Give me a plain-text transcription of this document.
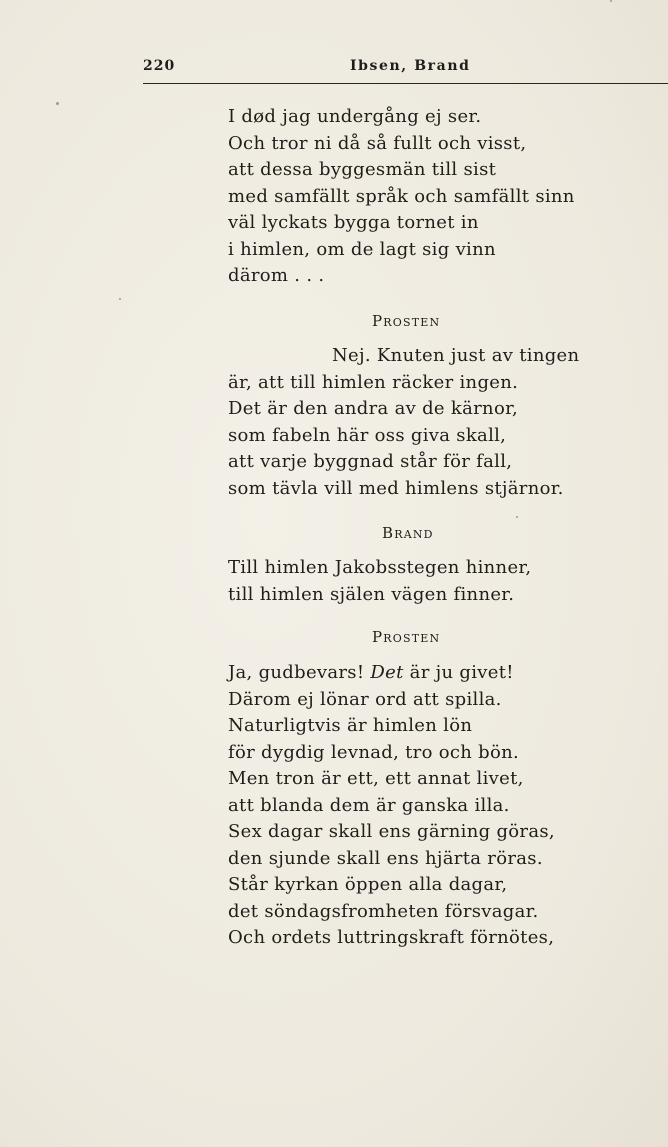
220	Ibsen, Brand
I død jag undergång ej ser.
Och tror ni då så fullt och visst,
att dessa byggesmän till sist
med samfällt språk och samfällt sinn
väl lyckats bygga tornet in
i himlen, om de lagt sig vinn
därom . . .
Prosten
Nej. Knuten just av tingen
är, att till himlen räcker ingen.
Det är den andra av de kärnor,
som fabeln här oss giva skall,
att varje byggnad står för fall,
som tävla vill med himlens stjärnor.
Brand
Till himlen Jakobsstegen hinner,
till himlen själen vägen finner.
Prosten
Ja, gudbevars! Det är ju givet!
Därom ej lönar ord att spilla.
Naturligtvis är himlen lön
för dygdig levnad, tro och bön.
Men tron är ett, ett annat livet,
att blanda dem är ganska illa.
Sex dagar skall ens gärning göras,
den sjunde skall ens hjärta röras.
Står kyrkan öppen alla dagar,
det söndagsfromheten försvagar.
Och ordets luttringskraft förnötes,
